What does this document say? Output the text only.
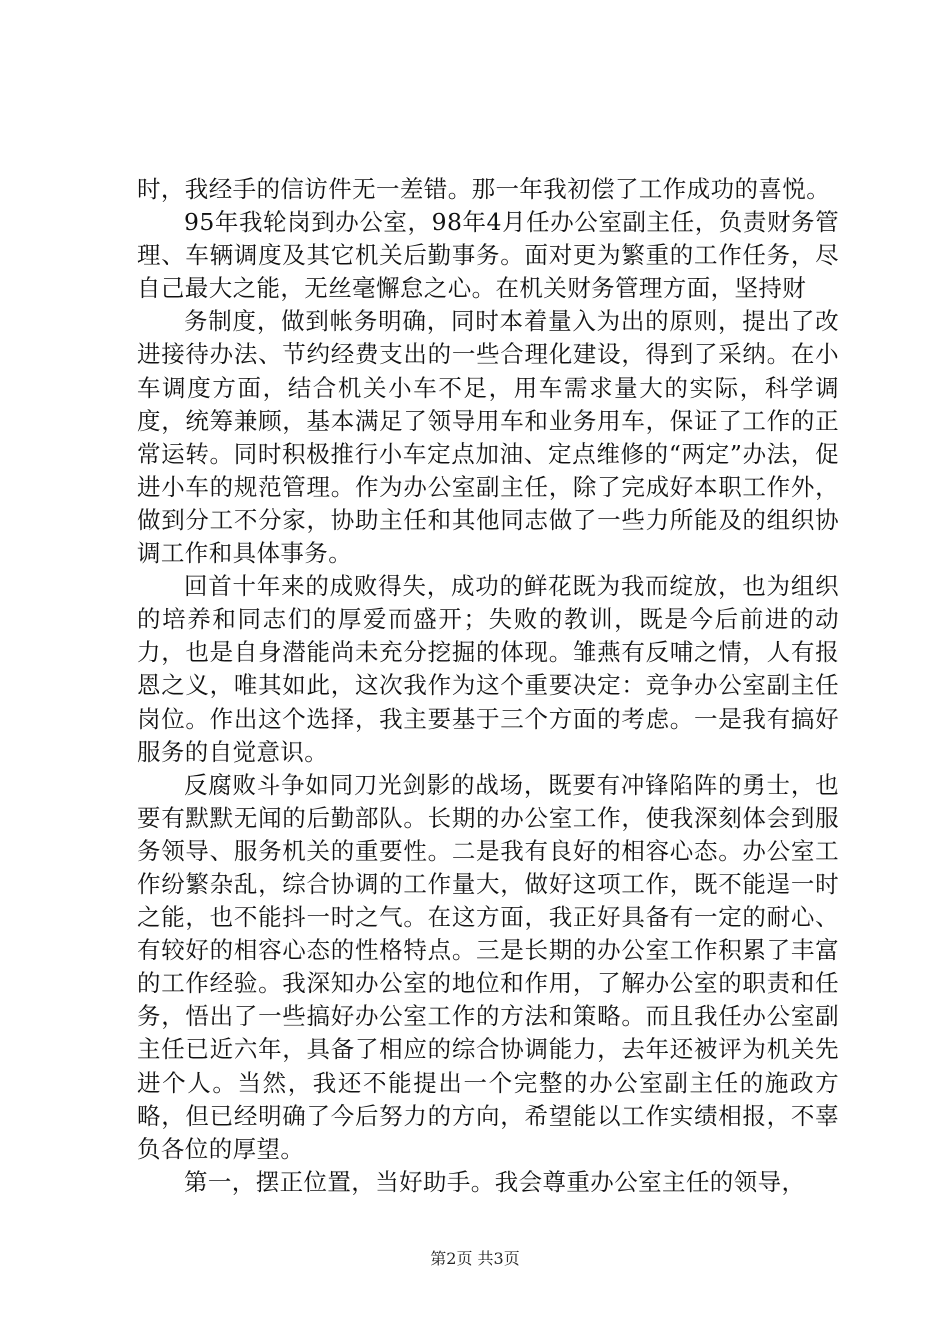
时，我经手的信访件无一差错。那一年我初偿了工作成功的喜悦。

95年我轮岗到办公室，98年4月任办公室副主任，负责财务管理、车辆调度及其它机关后勤事务。面对更为繁重的工作任务，尽自己最大之能，无丝毫懈怠之心。在机关财务管理方面，坚持财

务制度，做到帐务明确，同时本着量入为出的原则，提出了改进接待办法、节约经费支出的一些合理化建设，得到了采纳。在小车调度方面，结合机关小车不足，用车需求量大的实际，科学调度，统筹兼顾，基本满足了领导用车和业务用车，保证了工作的正常运转。同时积极推行小车定点加油、定点维修的“两定”办法，促进小车的规范管理。作为办公室副主任，除了完成好本职工作外，做到分工不分家，协助主任和其他同志做了一些力所能及的组织协调工作和具体事务。

回首十年来的成败得失，成功的鲜花既为我而绽放，也为组织的培养和同志们的厚爱而盛开；失败的教训，既是今后前进的动力，也是自身潜能尚未充分挖掘的体现。雏燕有反哺之情，人有报恩之义，唯其如此，这次我作为这个重要决定：竞争办公室副主任岗位。作出这个选择，我主要基于三个方面的考虑。一是我有搞好服务的自觉意识。

反腐败斗争如同刀光剑影的战场，既要有冲锋陷阵的勇士，也要有默默无闻的后勤部队。长期的办公室工作，使我深刻体会到服务领导、服务机关的重要性。二是我有良好的相容心态。办公室工作纷繁杂乱，综合协调的工作量大，做好这项工作，既不能逞一时之能，也不能抖一时之气。在这方面，我正好具备有一定的耐心、有较好的相容心态的性格特点。三是长期的办公室工作积累了丰富的工作经验。我深知办公室的地位和作用，了解办公室的职责和任务，悟出了一些搞好办公室工作的方法和策略。而且我任办公室副主任已近六年，具备了相应的综合协调能力，去年还被评为机关先进个人。当然，我还不能提出一个完整的办公室副主任的施政方略，但已经明确了今后努力的方向，希望能以工作实绩相报，不辜负各位的厚望。

第一，摆正位置，当好助手。我会尊重办公室主任的领导，

第2页 共3页
